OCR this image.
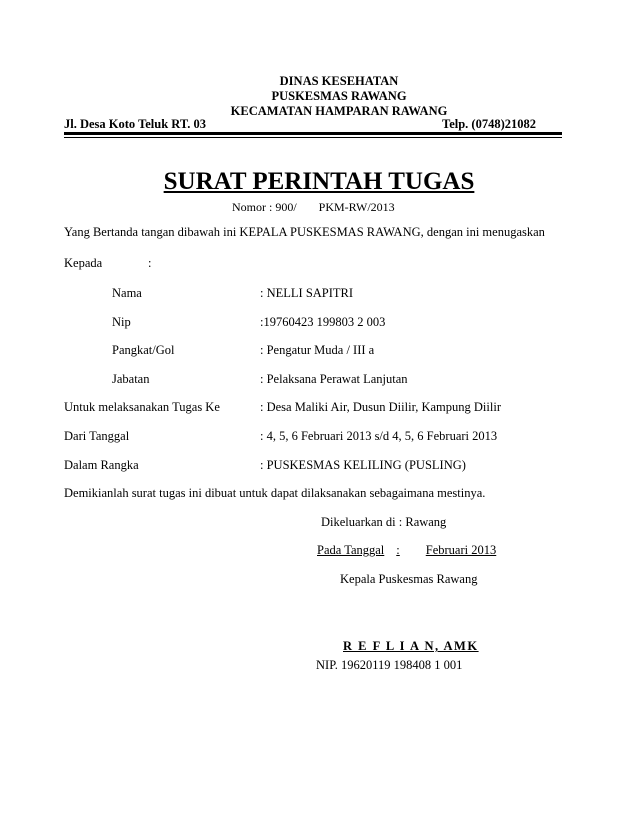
DINAS KESEHATAN
PUSKESMAS RAWANG
KECAMATAN HAMPARAN RAWANG
Jl. Desa Koto Teluk RT. 03	Telp. (0748)21082
SURAT PERINTAH TUGAS
Nomor : 900/ PKM-RW/2013
Yang Bertanda tangan dibawah ini KEPALA PUSKESMAS RAWANG, dengan ini menugaskan
Kepada	:
Nama	: NELLI SAPITRI
Nip	:19760423 199803 2 003
Pangkat/Gol	: Pengatur Muda / III a
Jabatan	: Pelaksana Perawat Lanjutan
Untuk melaksanakan Tugas Ke	: Desa Maliki Air, Dusun Diilir, Kampung Diilir
Dari Tanggal	: 4, 5, 6 Februari 2013 s/d 4, 5, 6 Februari 2013
Dalam Rangka	: PUSKESMAS KELILING (PUSLING)
Demikianlah surat tugas ini dibuat untuk dapat dilaksanakan sebagaimana mestinya.
Dikeluarkan di : Rawang
Pada Tanggal : Februari 2013
Kepala Puskesmas Rawang
R E F L I A N, AMK
NIP. 19620119 198408 1 001
